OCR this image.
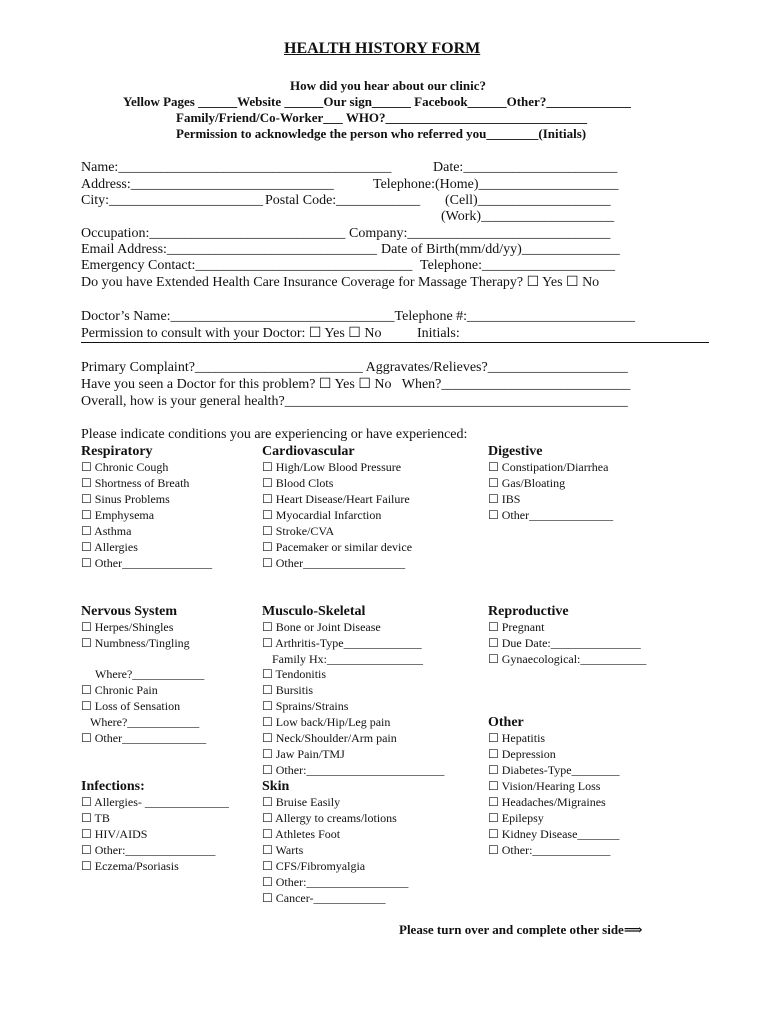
HEALTH HISTORY FORM
How did you hear about our clinic?
Yellow Pages ______Website ______Our sign______ Facebook______Other?_____________
Family/Friend/Co-Worker___ WHO?_______________________________
Permission to acknowledge the person who referred you________(Initials)
Name:_______________________________________	Date:______________________
Address:_____________________________	Telephone:(Home)____________________
City:______________________ Postal Code:____________ (Cell)___________________
(Work)___________________
Occupation:____________________________ Company:_____________________________
Email Address:______________________________ Date of Birth(mm/dd/yy)______________
Emergency Contact:_______________________________ Telephone:___________________
Do you have Extended Health Care Insurance Coverage for Massage Therapy? ☐ Yes ☐ No
Doctor’s Name:________________________________Telephone #:________________________
Permission to consult with your Doctor: ☐ Yes ☐ No	Initials:
Primary Complaint?________________________ Aggravates/Relieves?____________________
Have you seen a Doctor for this problem? ☐ Yes ☐ No   When?___________________________
Overall, how is your general health?_________________________________________________
Please indicate conditions you are experiencing or have experienced:
Respiratory
☐ Chronic Cough
☐ Shortness of Breath
☐ Sinus Problems
☐ Emphysema
☐ Asthma
☐ Allergies
☐ Other_______________
Cardiovascular
☐ High/Low Blood Pressure
☐ Blood Clots
☐ Heart Disease/Heart Failure
☐ Myocardial Infarction
☐ Stroke/CVA
☐ Pacemaker or similar device
☐ Other_________________
Digestive
☐ Constipation/Diarrhea
☐ Gas/Bloating
☐ IBS
☐ Other______________
Nervous System
☐ Herpes/Shingles
☐ Numbness/Tingling
Where?____________
☐ Chronic Pain
☐ Loss of Sensation
Where?____________
☐ Other______________
Musculo-Skeletal
☐ Bone or Joint Disease
☐ Arthritis-Type_____________
Family Hx:________________
☐ Tendonitis
☐ Bursitis
☐ Sprains/Strains
☐ Low back/Hip/Leg pain
☐ Neck/Shoulder/Arm pain
☐ Jaw Pain/TMJ
☐ Other:_______________________
Reproductive
☐ Pregnant
☐ Due Date:_______________
☐ Gynaecological:___________
Other
☐ Hepatitis
☐ Depression
☐ Diabetes-Type________
☐ Vision/Hearing Loss
☐ Headaches/Migraines
☐ Epilepsy
☐ Kidney Disease_______
☐ Other:_____________
Infections:
☐ Allergies- ______________
☐ TB
☐ HIV/AIDS
☐ Other:_______________
☐ Eczema/Psoriasis
Skin
☐ Bruise Easily
☐ Allergy to creams/lotions
☐ Athletes Foot
☐ Warts
☐ CFS/Fibromyalgia
☐ Other:_________________
☐ Cancer-____________
Please turn over and complete other side⟹
